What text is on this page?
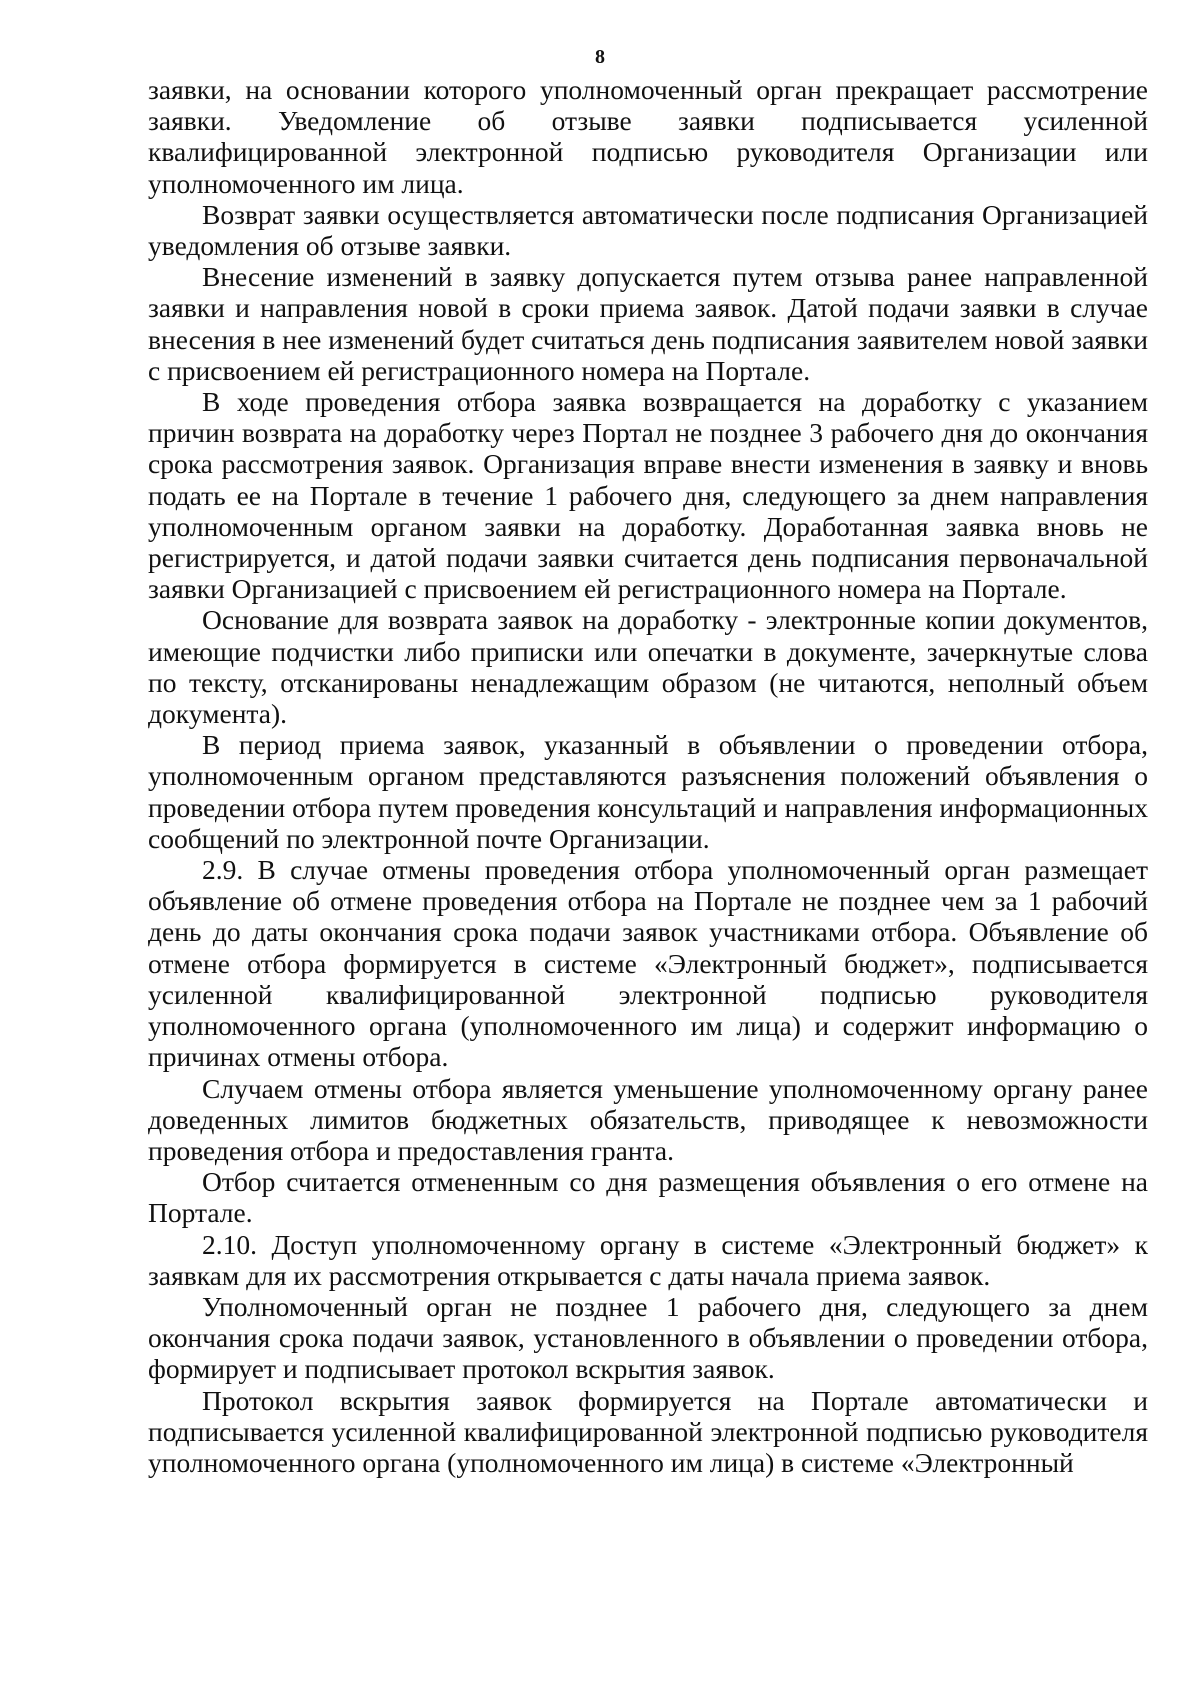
8

заявки, на основании которого уполномоченный орган прекращает рассмотрение заявки. Уведомление об отзыве заявки подписывается усиленной квалифицированной электронной подписью руководителя Организации или уполномоченного им лица.

Возврат заявки осуществляется автоматически после подписания Организацией уведомления об отзыве заявки.

Внесение изменений в заявку допускается путем отзыва ранее направленной заявки и направления новой в сроки приема заявок. Датой подачи заявки в случае внесения в нее изменений будет считаться день подписания заявителем новой заявки с присвоением ей регистрационного номера на Портале.

В ходе проведения отбора заявка возвращается на доработку с указанием причин возврата на доработку через Портал не позднее 3 рабочего дня до окончания срока рассмотрения заявок. Организация вправе внести изменения в заявку и вновь подать ее на Портале в течение 1 рабочего дня, следующего за днем направления уполномоченным органом заявки на доработку. Доработанная заявка вновь не регистрируется, и датой подачи заявки считается день подписания первоначальной заявки Организацией с присвоением ей регистрационного номера на Портале.

Основание для возврата заявок на доработку - электронные копии документов, имеющие подчистки либо приписки или опечатки в документе, зачеркнутые слова по тексту, отсканированы ненадлежащим образом (не читаются, неполный объем документа).

В период приема заявок, указанный в объявлении о проведении отбора, уполномоченным органом представляются разъяснения положений объявления о проведении отбора путем проведения консультаций и направления информационных сообщений по электронной почте Организации.

2.9. В случае отмены проведения отбора уполномоченный орган размещает объявление об отмене проведения отбора на Портале не позднее чем за 1 рабочий день до даты окончания срока подачи заявок участниками отбора. Объявление об отмене отбора формируется в системе «Электронный бюджет», подписывается усиленной квалифицированной электронной подписью руководителя уполномоченного органа (уполномоченного им лица) и содержит информацию о причинах отмены отбора.

Случаем отмены отбора является уменьшение уполномоченному органу ранее доведенных лимитов бюджетных обязательств, приводящее к невозможности проведения отбора и предоставления гранта.

Отбор считается отмененным со дня размещения объявления о его отмене на Портале.

2.10. Доступ уполномоченному органу в системе «Электронный бюджет» к заявкам для их рассмотрения открывается с даты начала приема заявок.

Уполномоченный орган не позднее 1 рабочего дня, следующего за днем окончания срока подачи заявок, установленного в объявлении о проведении отбора, формирует и подписывает протокол вскрытия заявок.

Протокол вскрытия заявок формируется на Портале автоматически и подписывается усиленной квалифицированной электронной подписью руководителя уполномоченного органа (уполномоченного им лица) в системе «Электронный
